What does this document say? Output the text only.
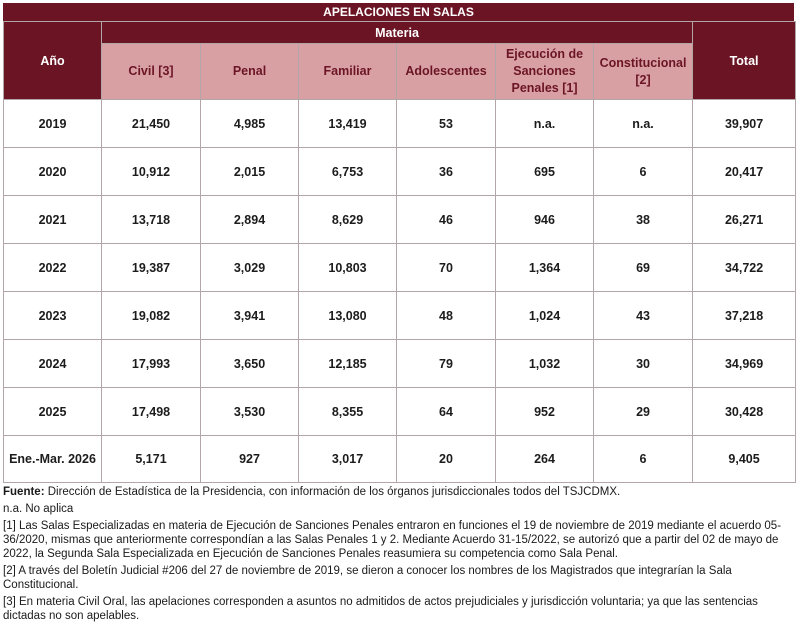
APELACIONES EN SALAS
Año	Materia						Total
	Civil [3]	Penal	Familiar	Adolescentes	Ejecución de Sanciones Penales [1]	Constitucional [2]	
2019	21,450	4,985	13,419	53	n.a.	n.a.	39,907
2020	10,912	2,015	6,753	36	695	6	20,417
2021	13,718	2,894	8,629	46	946	38	26,271
2022	19,387	3,029	10,803	70	1,364	69	34,722
2023	19,082	3,941	13,080	48	1,024	43	37,218
2024	17,993	3,650	12,185	79	1,032	30	34,969
2025	17,498	3,530	8,355	64	952	29	30,428
Ene.-Mar. 2026	5,171	927	3,017	20	264	6	9,405

Fuente: Dirección de Estadística de la Presidencia, con información de los órganos jurisdiccionales todos del TSJCDMX.

n.a. No aplica

[1] Las Salas Especializadas en materia de Ejecución de Sanciones Penales entraron en funciones el 19 de noviembre de 2019 mediante el acuerdo 05-36/2020, mismas que anteriormente correspondían a las Salas Penales 1 y 2. Mediante Acuerdo 31-15/2022, se autorizó que a partir del 02 de mayo de 2022, la Segunda Sala Especializada en Ejecución de Sanciones Penales reasumiera su competencia como Sala Penal.

[2] A través del Boletín Judicial #206 del 27 de noviembre de 2019, se dieron a conocer los nombres de los Magistrados que integrarían la Sala Constitucional.

[3] En materia Civil Oral, las apelaciones corresponden a asuntos no admitidos de actos prejudiciales y jurisdicción voluntaria; ya que las sentencias dictadas no son apelables.
